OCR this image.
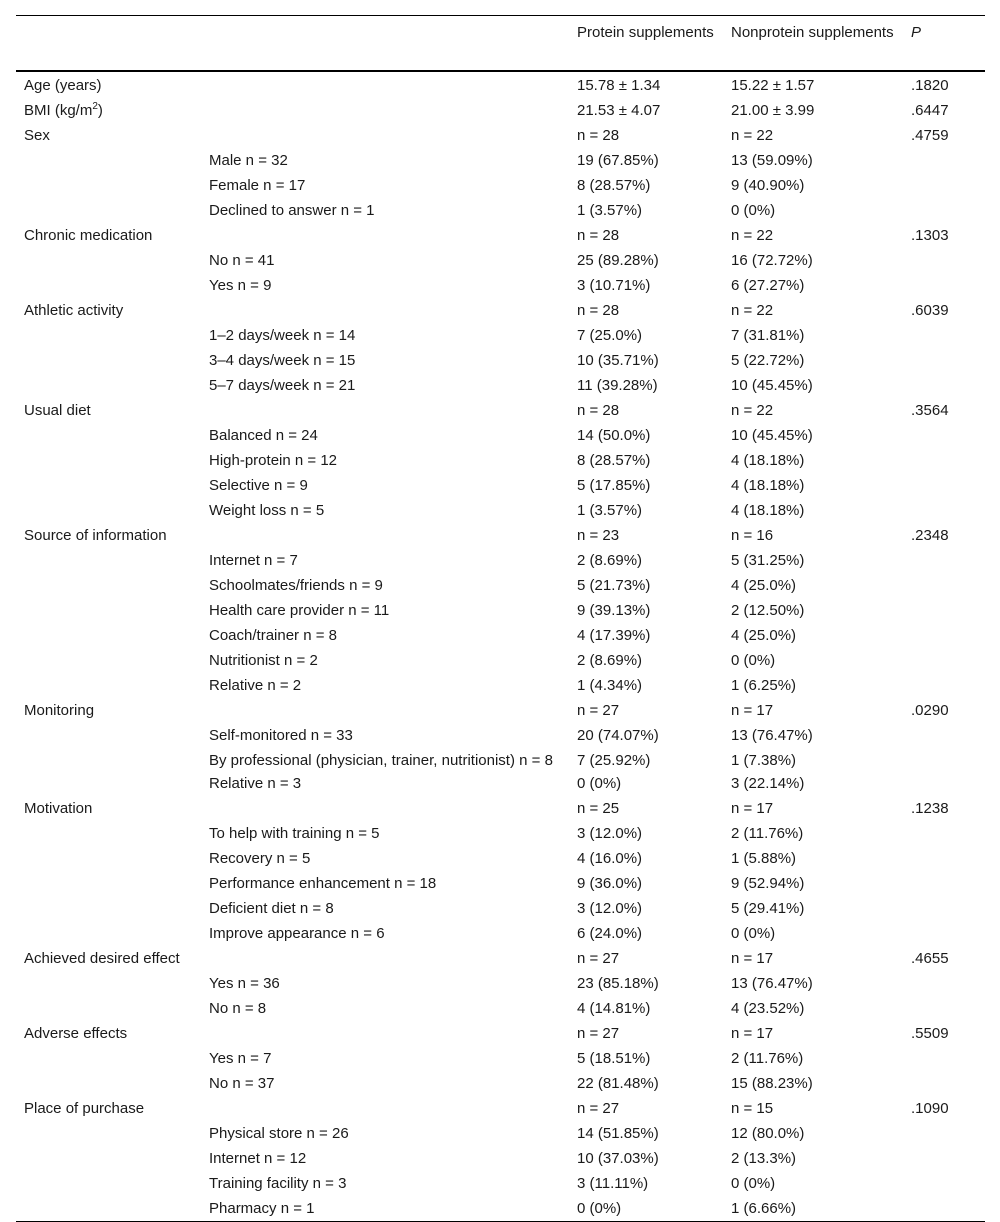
		Protein supplements	Nonprotein supplements	P
Age (years)		15.78 ± 1.34	15.22 ± 1.57	.1820
BMI $(kg/m^2)$		21.53 ± 4.07	21.00 ± 3.99	.6447
Sex		n = 28	n = 22	.4759
	Male n = 32	19 (67.85%)	13 (59.09%)	
	Female n = 17	8 (28.57%)	9 (40.90%)	
	Declined to answer n = 1	1 (3.57%)	0 (0%)	
Chronic medication		n = 28	n = 22	.1303
	No n = 41	25 (89.28%)	16 (72.72%)	
	Yes n = 9	3 (10.71%)	6 (27.27%)	
Athletic activity		n = 28	n = 22	.6039
	1–2 days/week n = 14	7 (25.0%)	7 (31.81%)	
	3–4 days/week n = 15	10 (35.71%)	5 (22.72%)	
	5–7 days/week n = 21	11 (39.28%)	10 (45.45%)	
Usual diet		n = 28	n = 22	.3564
	Balanced n = 24	14 (50.0%)	10 (45.45%)	
	High-protein n = 12	8 (28.57%)	4 (18.18%)	
	Selective n = 9	5 (17.85%)	4 (18.18%)	
	Weight loss n = 5	1 (3.57%)	4 (18.18%)	
Source of information		n = 23	n = 16	.2348
	Internet n = 7	2 (8.69%)	5 (31.25%)	
	Schoolmates/friends n = 9	5 (21.73%)	4 (25.0%)	
	Health care provider n = 11	9 (39.13%)	2 (12.50%)	
	Coach/trainer n = 8	4 (17.39%)	4 (25.0%)	
	Nutritionist n = 2	2 (8.69%)	0 (0%)	
	Relative n = 2	1 (4.34%)	1 (6.25%)	
Monitoring		n = 27	n = 17	.0290
	Self-monitored n = 33	20 (74.07%)	13 (76.47%)	
	By professional (physician, trainer, nutritionist) n = 8	7 (25.92%)	1 (7.38%)	
	Relative n = 3	0 (0%)	3 (22.14%)	
Motivation		n = 25	n = 17	.1238
	To help with training n = 5	3 (12.0%)	2 (11.76%)	
	Recovery n = 5	4 (16.0%)	1 (5.88%)	
	Performance enhancement n = 18	9 (36.0%)	9 (52.94%)	
	Deficient diet n = 8	3 (12.0%)	5 (29.41%)	
	Improve appearance n = 6	6 (24.0%)	0 (0%)	
Achieved desired effect		n = 27	n = 17	.4655
	Yes n = 36	23 (85.18%)	13 (76.47%)	
	No n = 8	4 (14.81%)	4 (23.52%)	
Adverse effects		n = 27	n = 17	.5509
	Yes n = 7	5 (18.51%)	2 (11.76%)	
	No n = 37	22 (81.48%)	15 (88.23%)	
Place of purchase		n = 27	n = 15	.1090
	Physical store n = 26	14 (51.85%)	12 (80.0%)	
	Internet n = 12	10 (37.03%)	2 (13.3%)	
	Training facility n = 3	3 (11.11%)	0 (0%)	
	Pharmacy n = 1	0 (0%)	1 (6.66%)	
